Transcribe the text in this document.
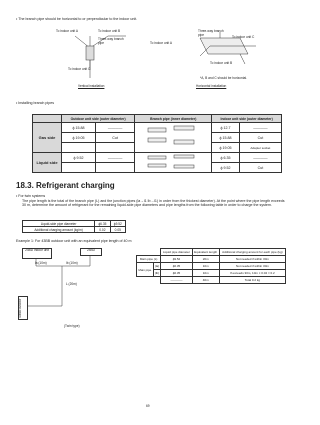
• The branch pipe should be horizontal to or perpendicular to the indoor unit.
To indoor unit A	To indoor unit B
Three-way branch pipe	To indoor unit A
Three-way branch pipe
To indoor unit C
To indoor unit B
To indoor unit C
*A, B and C should be horizontal.
Vertical installation	Horizontal installation
• Installing branch pipes
	Outdoor unit side (outer diameter)		Branch pipe (inner diameter)	Indoor unit side (outer diameter)	
Gas side	ϕ 15.88	————		ϕ 12.7	————
	ϕ 19.05	Cut		ϕ 15.88	Cut
				ϕ 19.05	Adapter socket
Liquid side	ϕ 9.52	————		ϕ 6.35	————
				ϕ 9.52	Cut
18.3. Refrigerant charging
• For twin systems
The pipe length is the total of the branch pipe (L) and the junction pipes (la→l1 lb→l1) in order from the thickest diameter). At the point where the pipe length exceeds 30 m, determine the amount of refrigerant for the remaining liquid-side pipe diameters and pipe lengths from the following table in order to charge the system.
Liquid-side pipe diameter	ϕ6.35	ϕ9.52
Additional charging amount (kg/m)	0.02	0.05
Example 1: For 43BB outdoor unit with an equivalent pipe length of 40 m
24BD indoor unit	24BD
43BB outdoor
la (10m)	lb (10m)
L (20m)
(Twin type)
		Liquid pipe diameter	Equivalent length	Additional charging amount for each pipe (kg)
Main pipe (L)		ϕ9.52	20m	Not needed if within 30m
Main pipe	(la)	ϕ6.35	10m	Not needed if within 30m
	(lb)	ϕ6.35	10m	If exceeds 30m, 10m × 0.02 = 0.2
		————	40m	Total 0.2 kg
69
